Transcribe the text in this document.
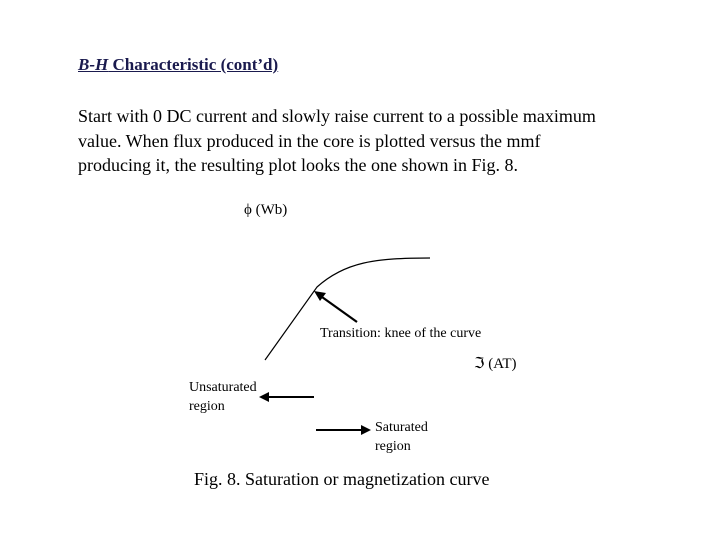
B-H Characteristic (cont’d)
Start with 0 DC current and slowly raise current to a possible maximum
value. When flux produced in the core is plotted versus the mmf
producing it, the resulting plot looks the one shown in Fig. 8.
ϕ (Wb)
Transition: knee of the curve
ℑ (AT)
Unsaturated
region
Saturated
region
Fig. 8. Saturation or magnetization curve
